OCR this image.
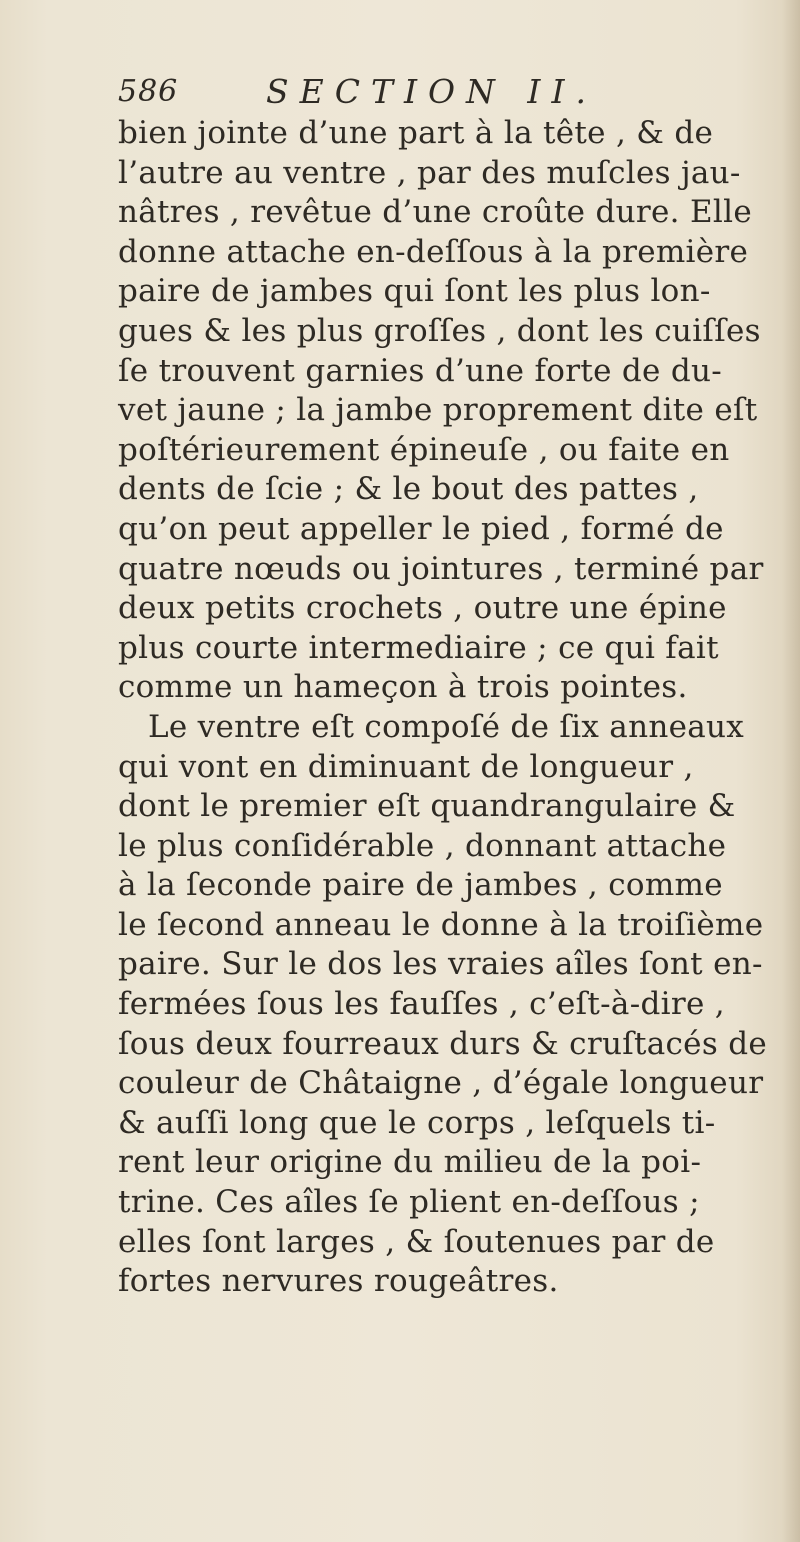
586	SECTION II.
bien jointe d’une part à la tête , & de
l’autre au ventre , par des muſcles jau-
nâtres , revêtue d’une croûte dure. Elle
donne attache en-deſſous à la première
paire de jambes qui ſont les plus lon-
gues & les plus groſſes , dont les cuiſſes
ſe trouvent garnies d’une forte de du-
vet jaune ; la jambe proprement dite eſt
poſtérieurement épineuſe , ou faite en
dents de ſcie ; & le bout des pattes ,
qu’on peut appeller le pied , formé de
quatre nœuds ou jointures , terminé par
deux petits crochets , outre une épine
plus courte intermediaire ; ce qui fait
comme un hameçon à trois pointes.
Le ventre eſt compoſé de ſix anneaux
qui vont en diminuant de longueur ,
dont le premier eſt quandrangulaire &
le plus conſidérable , donnant attache
à la ſeconde paire de jambes , comme
le ſecond anneau le donne à la troiſième
paire. Sur le dos les vraies aîles ſont en-
fermées ſous les fauſſes , c’eſt-à-dire ,
ſous deux fourreaux durs & cruſtacés de
couleur de Châtaigne , d’égale longueur
& auſſi long que le corps , leſquels ti-
rent leur origine du milieu de la poi-
trine. Ces aîles ſe plient en-deſſous ;
elles ſont larges , & ſoutenues par de
fortes nervures rougeâtres.
